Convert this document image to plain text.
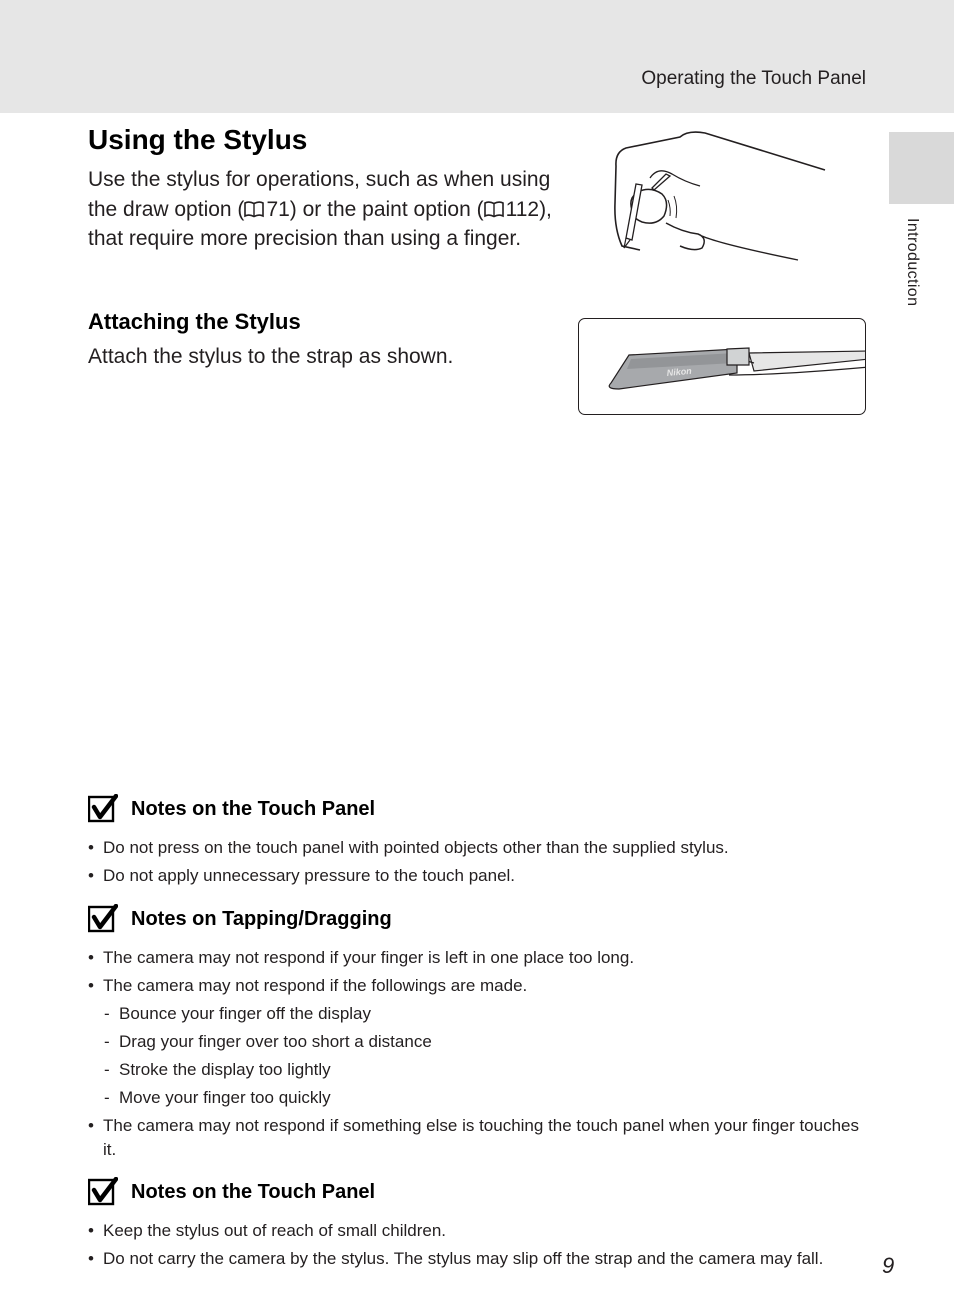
Operating the Touch Panel
Introduction
Using the Stylus

Use the stylus for operations, such as when using the draw option ( 71) or the paint option ( 112), that require more precision than using a finger.

Attaching the Stylus

Attach the stylus to the strap as shown.

Nikon
Notes on the Touch Panel
• Do not press on the touch panel with pointed objects other than the supplied stylus.
• Do not apply unnecessary pressure to the touch panel.
Notes on Tapping/Dragging
• The camera may not respond if your finger is left in one place too long.
• The camera may not respond if the followings are made.
- Bounce your finger off the display
- Drag your finger over too short a distance
- Stroke the display too lightly
- Move your finger too quickly
• The camera may not respond if something else is touching the touch panel when your finger touches it.
Notes on the Touch Panel
• Keep the stylus out of reach of small children.
• Do not carry the camera by the stylus. The stylus may slip off the strap and the camera may fall.	9
